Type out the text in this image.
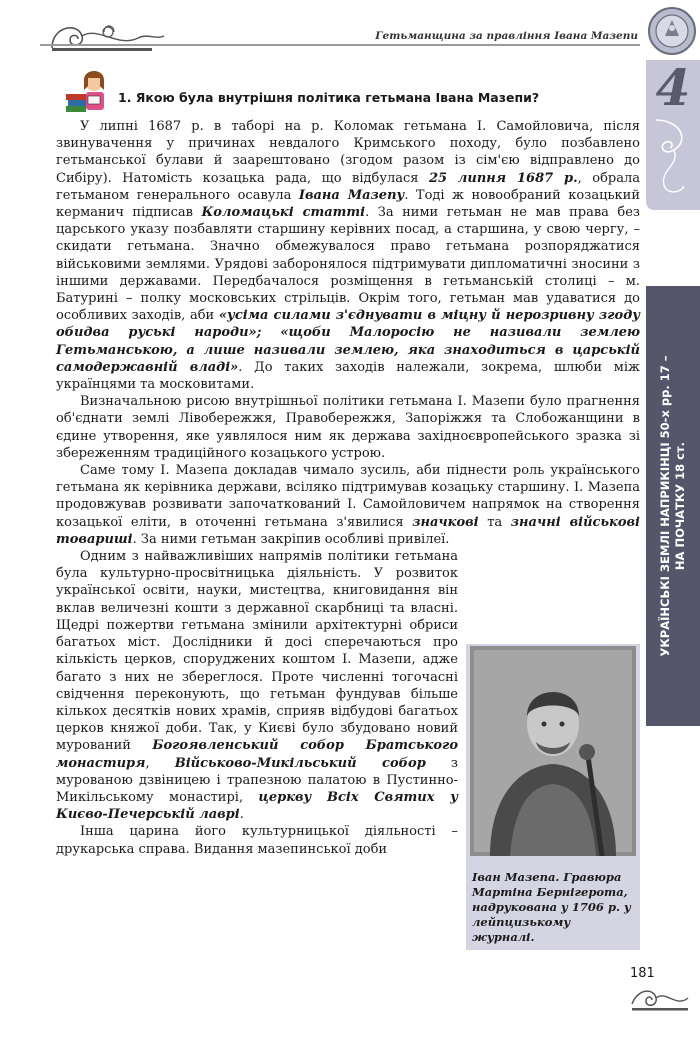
Гетьманщина за правління Івана Мазепи
4
УКРАЇНСЬКІ ЗЕМЛІ НАПРИКІНЦІ 50-х рр. 17 – НА ПОЧАТКУ 18 ст.
1. Якою була внутрішня політика гетьмана Івана Мазепи?
Іван Мазепа. Гравюра Мартіна Бернігерота, надрукована у 1706 р. у лейпцизькому журналі.

У липні 1687 р. в таборі на р. Коломак гетьмана І. Самойловича, після звинувачення у причинах невдалого Кримського походу, було позбавлено гетьманської булави й заарештовано (згодом разом із сім'єю відправлено до Сибіру). Натомість козацька рада, що відбулася 25 липня 1687 р., обрала гетьманом генерального осавула Івана Мазепу. Тоді ж новообраний козацький керманич підписав Коломацькі статті. За ними гетьман не мав права без царського указу позбавляти старшину керівних посад, а старшина, у свою чергу, – скидати гетьмана. Значно обмежувалося право гетьмана розпоряджатися військовими землями. Урядові заборонялося підтримувати дипломатичні зносини з іншими державами. Передбачалося розміщення в гетьманській столиці – м. Батурині – полку московських стрільців. Окрім того, гетьман мав удаватися до особливих заходів, аби «усіма силами з'єднувати в міцну й нерозривну згоду обидва руські народи»; «щоби Малоросію не називали землею Гетьманською, а лише називали землею, яка знаходиться в царській самодержавній владі». До таких заходів належали, зокрема, шлюби між українцями та московитами.

Визначальною рисою внутрішньої політики гетьмана І. Мазепи було прагнення об'єднати землі Лівобережжя, Правобережжя, Запоріжжя та Слобожанщини в єдине утворення, яке уявлялося ним як держава західноєвропейського зразка зі збереженням традиційного козацького устрою.

Саме тому І. Мазепа докладав чимало зусиль, аби піднести роль українського гетьмана як керівника держави, всіляко підтримував козацьку старшину. І. Мазепа продовжував розвивати започаткований І. Самойловичем напрямок на створення козацької еліти, в оточенні гетьмана з'явилися значкові та значні військові товариші. За ними гетьман закріпив особливі привілеї.

Одним з найважливіших напрямів політики гетьмана була культурно-просвітницька діяльність. У розвиток української освіти, науки, мистецтва, книговидання він вклав величезні кошти з державної скарбниці та власні. Щедрі пожертви гетьмана змінили архітектурні обриси багатьох міст. Дослідники й досі сперечаються про кількість церков, споруджених коштом І. Мазепи, адже багато з них не збереглося. Проте численні тогочасні свідчення переконують, що гетьман фундував більше кількох десятків нових храмів, сприяв відбудові багатьох церков княжої доби. Так, у Києві було збудовано новий мурований Богоявленський собор Братського монастиря, Військово-Микільський собор з мурованою дзвіницею і трапезною палатою в Пустинно-Микільському монастирі, церкву Всіх Святих у Києво-Печерській лаврі.

Інша царина його культурницької діяльності – друкарська справа. Видання мазепинської доби

181
